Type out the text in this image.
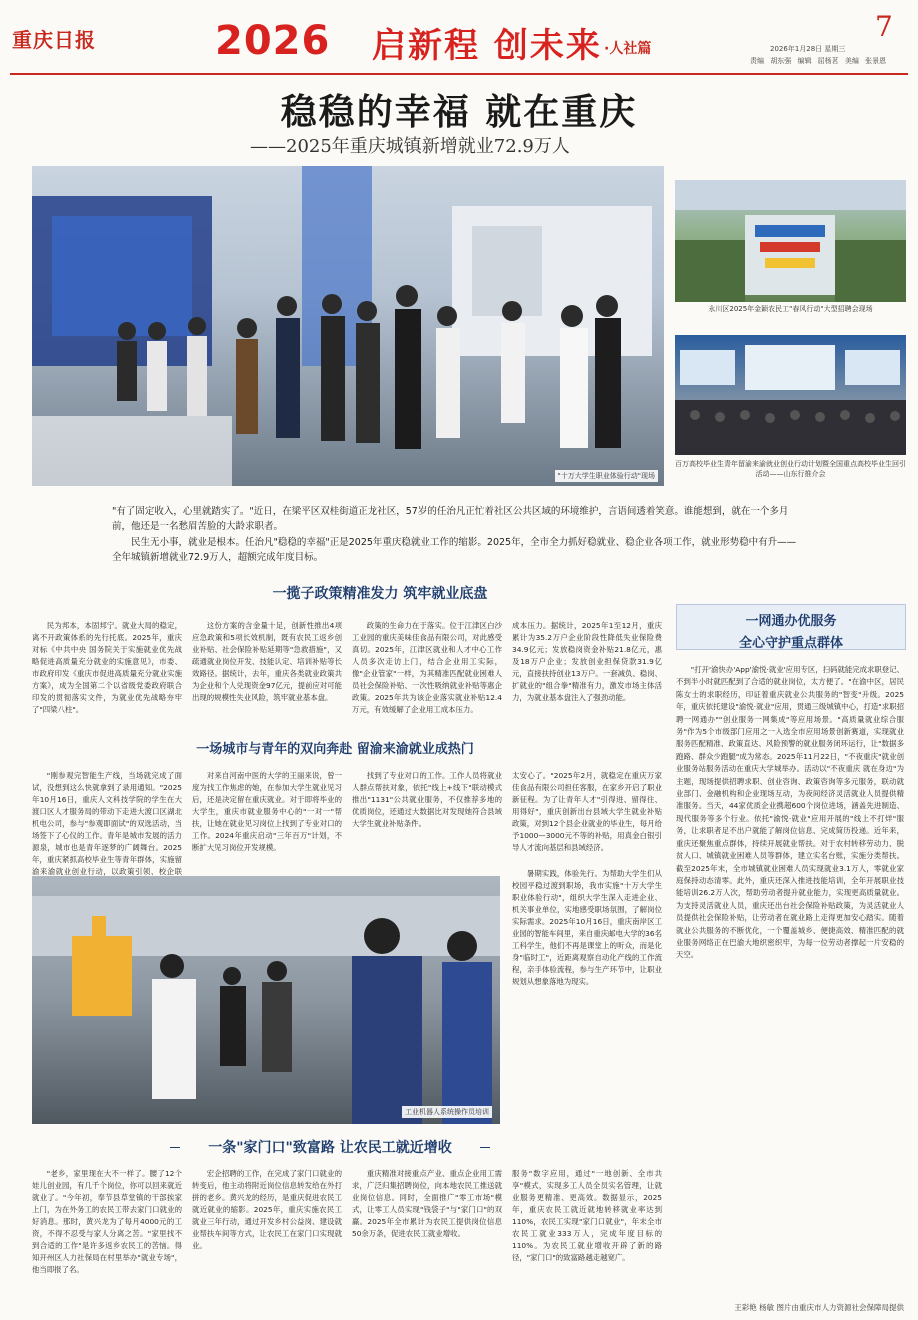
重庆日报	2026 启新程 创未来 ·人社篇
7
2026年1月28日 星期三
责编 胡东强 编辑 屈杨茗 美编 张景恩
稳稳的幸福 就在重庆
——2025年重庆城镇新增就业72.9万人
"十万大学生职业体验行动"现场
永川区2025年金颖农民工"春风行动"大型招聘会现场
百万高校毕业生青年留渝来渝就业创业行动计划暨全国重点高校毕业生回引活动——山东行推介会
"有了固定收入，心里就踏实了。"近日，在梁平区双桂街道正龙社区，57岁的任治凡正忙着社区公共区域的环境维护，言语间透着笑意。谁能想到，就在一个多月前，他还是一名愁眉苦脸的大龄求职者。
民生无小事，就业是根本。任治凡"稳稳的幸福"正是2025年重庆稳就业工作的缩影。2025年，全市全力抓好稳就业、稳企业各项工作，就业形势稳中有升——全年城镇新增就业72.9万人，超额完成年度目标。
一揽子政策精准发力 筑牢就业底盘
民为邦本，本固邦宁。就业大局的稳定，离不开政策体系的先行托底。2025年，重庆对标《中共中央 国务院关于实施就业优先战略促进高质量充分就业的实施意见》，市委、市政府印发《重庆市促进高质量充分就业实施方案》，成为全国第二个以省级党委政府联合印发的贯彻落实文件，为就业优先战略夯牢了"四梁八柱"。
这份方案的含金量十足，创新性推出4项应急政策和5项长效机制，既有农民工返乡创业补贴、社会保险补贴延期等"急救措施"，又疏通就业岗位开发、技能认定、培训补贴等长效路径。据统计，去年，重庆各类就业政策共为企业和个人兑现资金97亿元，提前应对可能出现的规模性失业风险，筑牢就业基本盘。
政策的生命力在于落实。位于江津区白沙工业园的重庆美味佳食品有限公司，对此感受真切。2025年，江津区就业和人才中心工作人员多次走访上门，结合企业用工实际，像"企业管家"一样，为其精准匹配就业困难人员社会保险补贴、一次性吸纳就业补贴等惠企政策。2025年共为该企业落实就业补贴12.4万元，有效缓解了企业用工成本压力。
成本压力。据统计，2025年1至12月，重庆累计为35.2万户企业阶段性降低失业保险费34.9亿元；发放稳岗资金补贴21.8亿元，惠及18万户企业；发放创业担保贷款31.9亿元，直接扶持创业13万户。一套减负、稳岗、扩就业的"组合拳"精准有力，激发市场主体活力，为就业基本盘注入了强劲动能。
一场城市与青年的双向奔赴 留渝来渝就业成热门
"刚参观完智能生产线，当场就完成了面试，没想到这么快就拿到了录用通知。"2025年10月16日，重庆人文科技学院的学生在大渡口区人才服务局的带动下走进大渡口区湖北机电公司，参与"参观即面试"的双选活动，当场签下了心仪的工作。青年是城市发展的活力源泉，城市也是青年逐梦的广阔舞台。2025年，重庆紧抓高校毕业生等青年群体，实施留渝来渝就业创业行动，以政策引领、校企联
对来自河南中医的大学的王丽来说，曾一度为找工作焦虑的她，在参加大学生就业见习后，还是决定留在重庆就业。对于即将毕业的大学生，重庆市就业服务中心的"一对一"帮扶，让她在就业见习岗位上找到了专业对口的工作。2024年重庆启动"三年百万"计划，不断扩大见习岗位开发规模。
找到了专业对口的工作。工作人员将就业人群点帮扶对象，依托"线上+线下"联动模式推出"1131"公共就业服务，不仅推荐多地的优质岗位，还通过大数据比对发现她符合县域大学生就业补贴条件。
太安心了。"2025年2月，就稳定在重庆万家佳食品有限公司担任客服，在家乡开启了职业新征程。为了让青年人才"引得进、留得住、用得好"，重庆创新出台县域大学生就业补贴政策，对到12个县企业就业的毕业生，每月给予1000—3000元不等的补贴，用真金白银引导人才流向基层和县域经济。
工业机器人系统操作员培训
暑期实践，体验先行。为帮助大学生们从校园平稳过渡到职场，我市实施"十万大学生职业体验行动"，组织大学生深入走进企业、机关事业单位，实地感受职场氛围，了解岗位实际需求。2025年10月16日，重庆南岸区工业园的智能车间里，来自重庆邮电大学的36名工科学生，他们不再是课堂上的听众，而是化身"临时工"，近距离观察自动化产线的工作流程，亲手体验流程，参与生产环节中，让职业规划从想象落地为现实。
一条"家门口"致富路 让农民工就近增收
"老乡，家里现在大不一样了。腰了12个娃儿创业园，有几千个岗位，你可以回来就近就业了。"今年初，奉节县草堂镇的干部挨家上门，为在外务工的农民工带去家门口就业的好消息。那时，黄兴龙为了每月4000元的工资，不得不忍受与家人分离之苦。"家里找不到合适的工作"是许多返乡农民工的苦恼。得知开州区人力社保局在村里举办"就业专场"，他当即报了名。
宏企招聘的工作，在完成了家门口就业的转变后，他主动将附近岗位信息转发给在外打拼的老乡。黄兴龙的经历，是重庆促进农民工就近就业的缩影。2025年，重庆实施农民工就业三年行动，通过开发乡村公益岗、建设就业帮扶车间等方式，让农民工在家门口实现就业。
重庆精准对接重点产业、重点企业用工需求，广泛归集招聘岗位，向本地农民工推送就业岗位信息。同时，全面推广"零工市场"模式，让零工人员实现"钱袋子"与"家门口"的双赢。2025年全市累计为农民工提供岗位信息50余万条，促进农民工就业增收。
服务"数字应用，通过"一地创新、全市共享"模式，实现多工人员全员实名管理，让就业服务更精准、更高效。数据显示，2025年，重庆农民工就近就地转移就业率达到110%，农民工实现"家门口就业"，年末全市农民工就业333万人，完成年度目标的110%。为农民工就业增收开辟了新的路径，"家门口"的致富路越走越宽广。
一网通办优服务
全心守护重点群体
"打开'渝快办'App'渝悦·就业'应用专区，扫码就能完成求职登记、不到半小时就匹配到了合适的就业岗位，太方便了。"在渝中区，居民陈女士的求职经历，印证着重庆就业公共服务的"智变"升级。2025年，重庆依托建设"渝悦·就业"应用，贯通三级城镇中心，打造"求职招聘一网通办""创业服务一网集成"等应用场景。"高质量就业综合服务"作为5个市级部门应用之一入选全市应用场景创新赛道，实现就业服务匹配精准、政策直达、风险预警的就业服务闭环运行，让"数据多跑路、群众少跑腿"成为常态。2025年11月22日，"不夜重庆"就业创业服务站服务活动在重庆大学城举办。活动以"不夜重庆 就在身边"为主题，现场提供招聘求职、创业咨询、政策咨询等多元服务，联动就业部门、金融机构和企业现场互动，为夜间经济灵活就业人员提供精准服务。当天，44家优质企业携超600个岗位进场，涵盖先进制造、现代服务等多个行业。依托"渝悦·就业"应用开展的"线上不打烊"服务，让求职者足不出户就能了解岗位信息、完成简历投递。近年来，重庆还聚焦重点群体，持续开展就业帮扶。对于农村转移劳动力、脱贫人口、城镇就业困难人员等群体，建立实名台账，实施分类帮扶。截至2025年末，全市城镇就业困难人员实现就业3.1万人，零就业家庭保持动态清零。此外，重庆还深入推进技能培训，全年开展职业技能培训26.2万人次，帮助劳动者提升就业能力，实现更高质量就业。为支持灵活就业人员，重庆还出台社会保险补贴政策，为灵活就业人员提供社会保险补贴，让劳动者在就业路上走得更加安心踏实。随着就业公共服务的不断优化，一个覆盖城乡、便捷高效、精准匹配的就业服务网络正在巴渝大地织密织牢，为每一位劳动者撑起一片安稳的天空。
王彩艳 杨敏 图片由重庆市人力资源社会保障局提供
